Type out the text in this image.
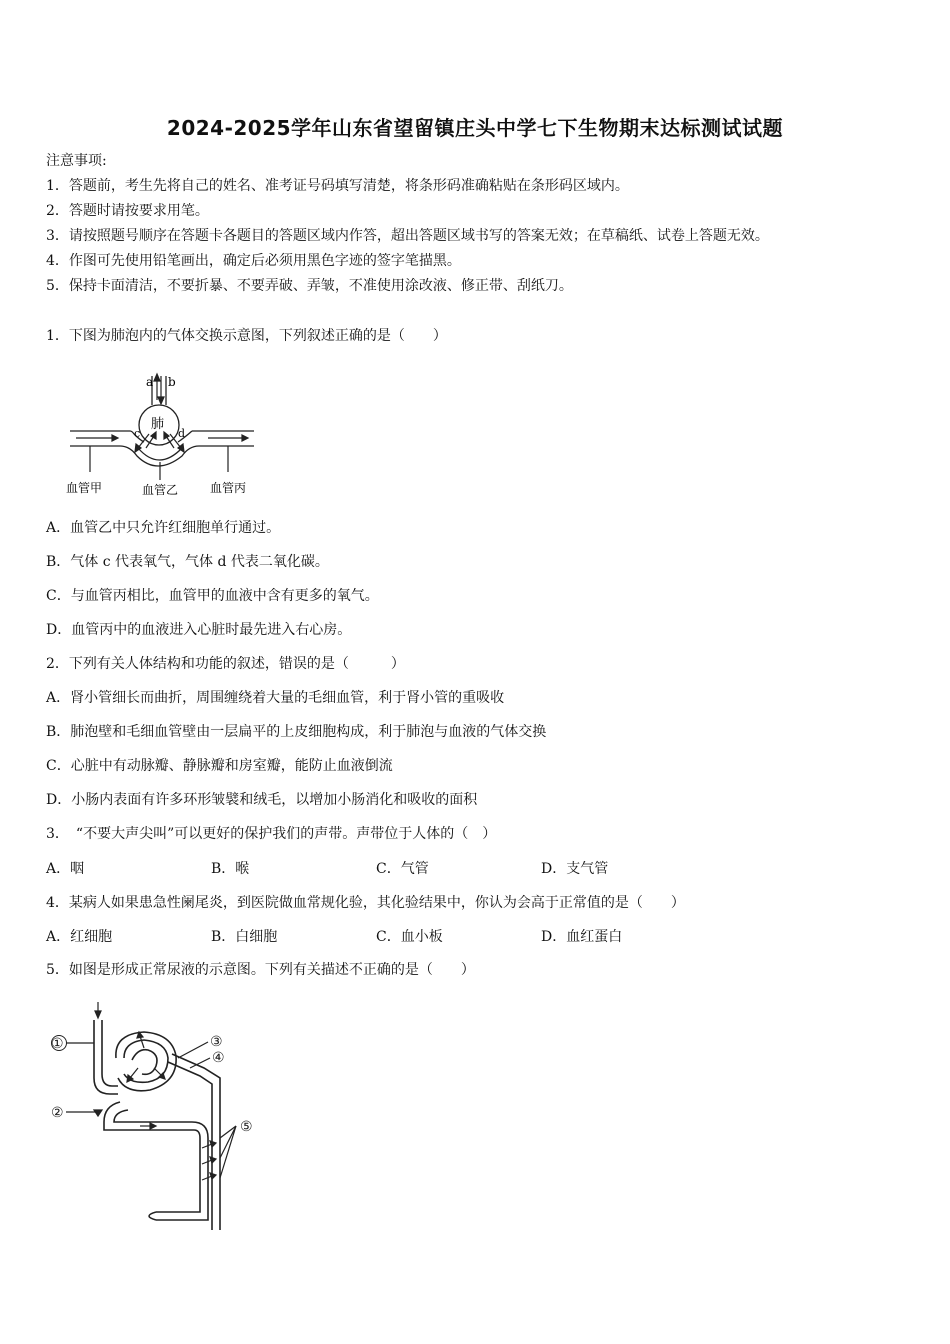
2024-2025学年山东省望留镇庄头中学七下生物期末达标测试试题
注意事项:
1．答题前，考生先将自己的姓名、准考证号码填写清楚，将条形码准确粘贴在条形码区域内。
2．答题时请按要求用笔。
3．请按照题号顺序在答题卡各题目的答题区域内作答，超出答题区域书写的答案无效；在草稿纸、试卷上答题无效。
4．作图可先使用铅笔画出，确定后必须用黑色字迹的签字笔描黑。
5．保持卡面清洁，不要折暴、不要弄破、弄皱，不准使用涂改液、修正带、刮纸刀。
1．下图为肺泡内的气体交换示意图，下列叙述正确的是（　　）
a b
c	d
肺
血管甲	血管乙	血管丙
A．血管乙中只允许红细胞单行通过。
B．气体 c 代表氧气，气体 d 代表二氧化碳。
C．与血管丙相比，血管甲的血液中含有更多的氧气。
D．血管丙中的血液进入心脏时最先进入右心房。
2．下列有关人体结构和功能的叙述，错误的是（　　　）
A．肾小管细长而曲折，周围缠绕着大量的毛细血管，利于肾小管的重吸收
B．肺泡壁和毛细血管壁由一层扁平的上皮细胞构成，利于肺泡与血液的气体交换
C．心脏中有动脉瓣、静脉瓣和房室瓣，能防止血液倒流
D．小肠内表面有许多环形皱襞和绒毛，以增加小肠消化和吸收的面积
3．　“不要大声尖叫”可以更好的保护我们的声带。声带位于人体的（　）
A．咽	B．喉	C．气管	D．支气管
4．某病人如果患急性阑尾炎，到医院做血常规化验，其化验结果中，你认为会高于正常值的是（　　）
A．红细胞	B．白细胞	C．血小板	D．血红蛋白
5．如图是形成正常尿液的示意图。下列有关描述不正确的是（　　）
①
②
③
④
⑤
